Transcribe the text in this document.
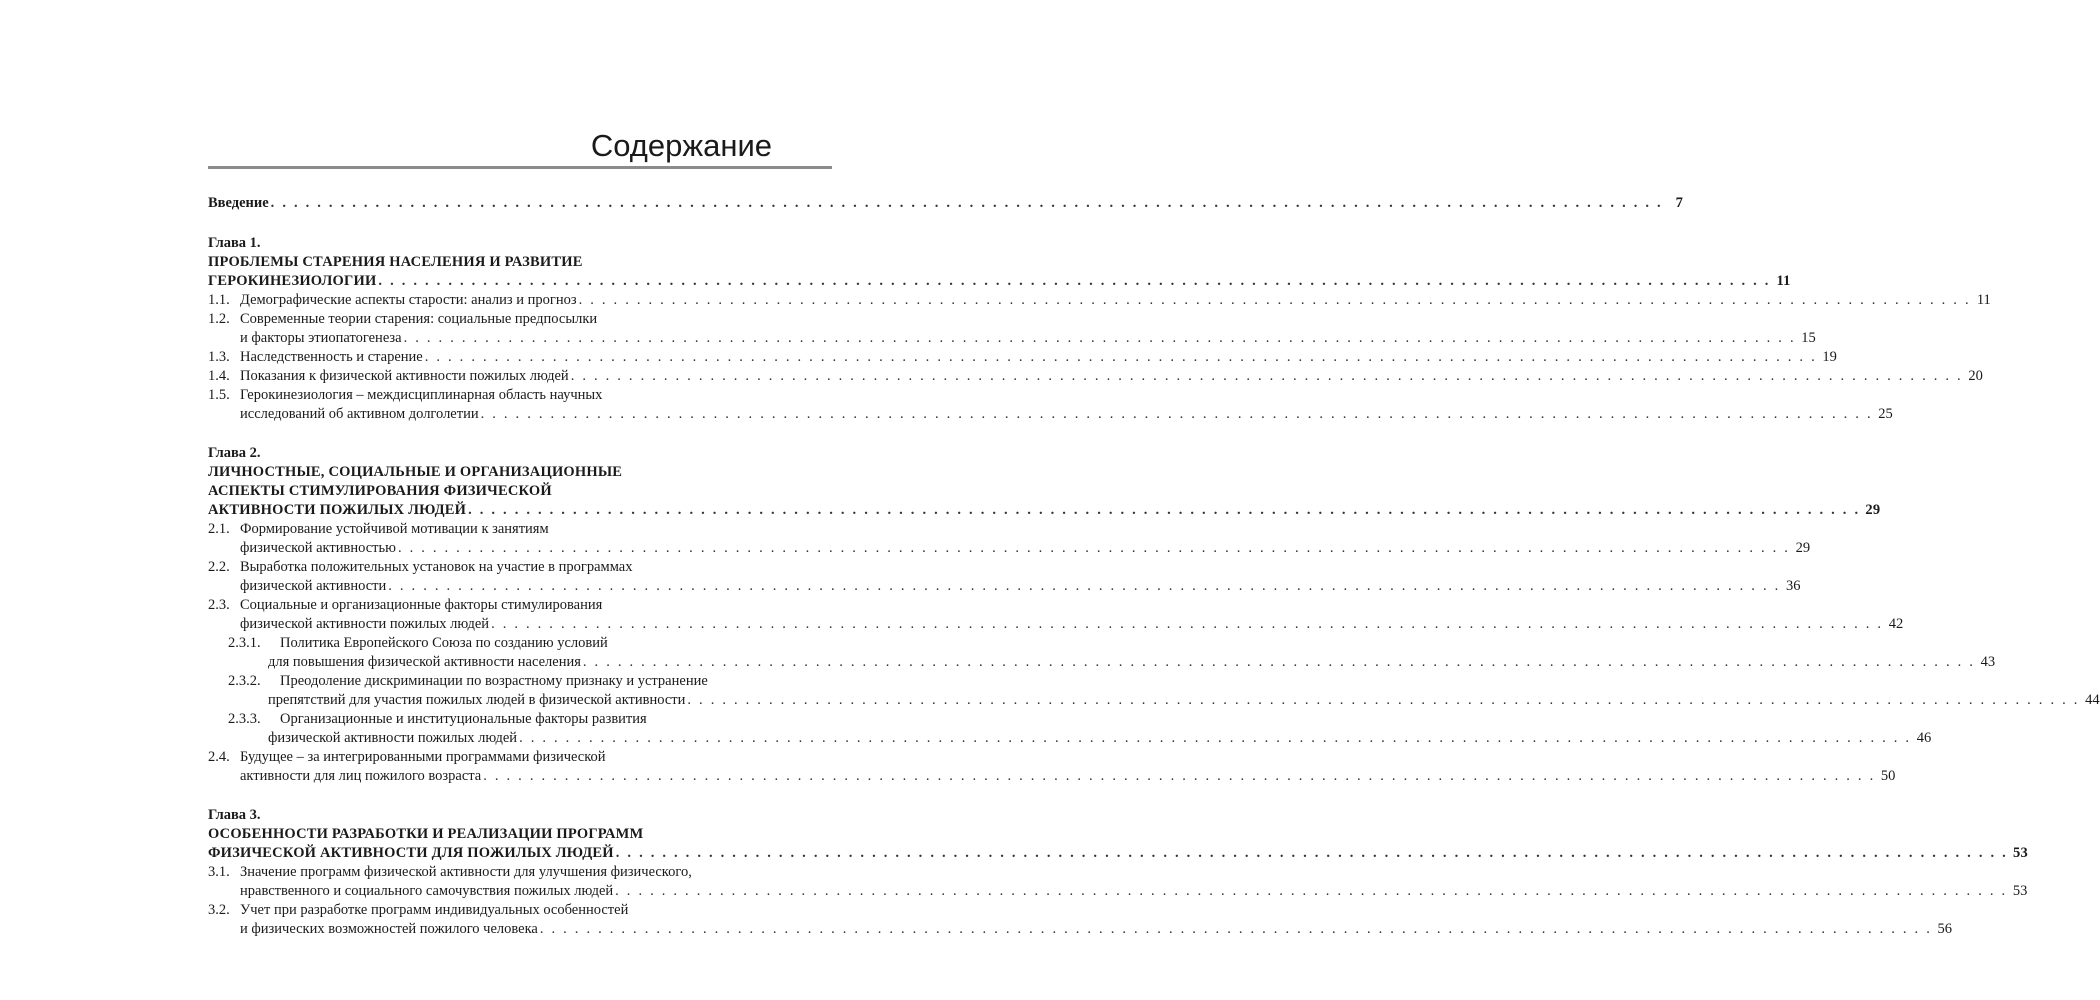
Содержание
Введение . . . . . . . . . . . . . . . . . . . . . . . . . . . . . . . . . . . . . . . . . . . . . . . . . . . . . . . . . . . . . . . . . . . . . . . . . . . . . . . . . . . . . . . . . . . . . . . . . . . . . . . . . . . . . . . . . . . . . . . . 7
Глава 1.
ПРОБЛЕМЫ СТАРЕНИЯ НАСЕЛЕНИЯ И РАЗВИТИЕ
ГЕРОКИНЕЗИОЛОГИИ . . . . . . . . . . . . . . . . . . . . . . . . . . . . . . . . . . . . . . . . . . . . . . . . . . . . . . . . . . . . . . . . . . . . . . . . . . . . . . . . . . . . . . . . . . . . . . . . . . . . . . . . . . . . . . . . . . . . . . . . 11
1.1. Демографические аспекты старости: анализ и прогноз . . . . . . . . . . . . . . . . . . . . . . . . . . . . . . . . . . . . . . . . . . . . . . . . . . . . . . . . . . . . . . . . . . . . . . . . . . . . . . . . . . . . . . . . . . . . . . . . . . . . . . . . . . . . . . . . . . . . . . . . 11
1.2. Современные теории старения: социальные предпосылки
и факторы этиопатогенеза . . . . . . . . . . . . . . . . . . . . . . . . . . . . . . . . . . . . . . . . . . . . . . . . . . . . . . . . . . . . . . . . . . . . . . . . . . . . . . . . . . . . . . . . . . . . . . . . . . . . . . . . . . . . . . . . . . . . . . . . 15
1.3. Наследственность и старение . . . . . . . . . . . . . . . . . . . . . . . . . . . . . . . . . . . . . . . . . . . . . . . . . . . . . . . . . . . . . . . . . . . . . . . . . . . . . . . . . . . . . . . . . . . . . . . . . . . . . . . . . . . . . . . . . . . . . . . . 19
1.4. Показания к физической активности пожилых людей . . . . . . . . . . . . . . . . . . . . . . . . . . . . . . . . . . . . . . . . . . . . . . . . . . . . . . . . . . . . . . . . . . . . . . . . . . . . . . . . . . . . . . . . . . . . . . . . . . . . . . . . . . . . . . . . . . . . . . . . 20
1.5. Герокинезиология – междисциплинарная область научных
исследований об активном долголетии . . . . . . . . . . . . . . . . . . . . . . . . . . . . . . . . . . . . . . . . . . . . . . . . . . . . . . . . . . . . . . . . . . . . . . . . . . . . . . . . . . . . . . . . . . . . . . . . . . . . . . . . . . . . . . . . . . . . . . . . 25
Глава 2.
ЛИЧНОСТНЫЕ, СОЦИАЛЬНЫЕ И ОРГАНИЗАЦИОННЫЕ
АСПЕКТЫ СТИМУЛИРОВАНИЯ ФИЗИЧЕСКОЙ
АКТИВНОСТИ ПОЖИЛЫХ ЛЮДЕЙ . . . . . . . . . . . . . . . . . . . . . . . . . . . . . . . . . . . . . . . . . . . . . . . . . . . . . . . . . . . . . . . . . . . . . . . . . . . . . . . . . . . . . . . . . . . . . . . . . . . . . . . . . . . . . . . . . . . . . . . . 29
2.1. Формирование устойчивой мотивации к занятиям
физической активностью . . . . . . . . . . . . . . . . . . . . . . . . . . . . . . . . . . . . . . . . . . . . . . . . . . . . . . . . . . . . . . . . . . . . . . . . . . . . . . . . . . . . . . . . . . . . . . . . . . . . . . . . . . . . . . . . . . . . . . . . 29
2.2. Выработка положительных установок на участие в программах
физической активности . . . . . . . . . . . . . . . . . . . . . . . . . . . . . . . . . . . . . . . . . . . . . . . . . . . . . . . . . . . . . . . . . . . . . . . . . . . . . . . . . . . . . . . . . . . . . . . . . . . . . . . . . . . . . . . . . . . . . . . . 36
2.3. Социальные и организационные факторы стимулирования
физической активности пожилых людей . . . . . . . . . . . . . . . . . . . . . . . . . . . . . . . . . . . . . . . . . . . . . . . . . . . . . . . . . . . . . . . . . . . . . . . . . . . . . . . . . . . . . . . . . . . . . . . . . . . . . . . . . . . . . . . . . . . . . . . . 42
2.3.1.	Политика Европейского Союза по созданию условий
для повышения физической активности населения . . . . . . . . . . . . . . . . . . . . . . . . . . . . . . . . . . . . . . . . . . . . . . . . . . . . . . . . . . . . . . . . . . . . . . . . . . . . . . . . . . . . . . . . . . . . . . . . . . . . . . . . . . . . . . . . . . . . . . . . 43
2.3.2.	Преодоление дискриминации по возрастному признаку и устранение
препятствий для участия пожилых людей в физической активности . . . . . . . . . . . . . . . . . . . . . . . . . . . . . . . . . . . . . . . . . . . . . . . . . . . . . . . . . . . . . . . . . . . . . . . . . . . . . . . . . . . . . . . . . . . . . . . . . . . . . . . . . . . . . . . . . . . . . . . . 44
2.3.3.	Организационные и институциональные факторы развития
физической активности пожилых людей . . . . . . . . . . . . . . . . . . . . . . . . . . . . . . . . . . . . . . . . . . . . . . . . . . . . . . . . . . . . . . . . . . . . . . . . . . . . . . . . . . . . . . . . . . . . . . . . . . . . . . . . . . . . . . . . . . . . . . . . 46
2.4. Будущее – за интегрированными программами физической
активности для лиц пожилого возраста . . . . . . . . . . . . . . . . . . . . . . . . . . . . . . . . . . . . . . . . . . . . . . . . . . . . . . . . . . . . . . . . . . . . . . . . . . . . . . . . . . . . . . . . . . . . . . . . . . . . . . . . . . . . . . . . . . . . . . . . 50
Глава 3.
ОСОБЕННОСТИ РАЗРАБОТКИ И РЕАЛИЗАЦИИ ПРОГРАММ
ФИЗИЧЕСКОЙ АКТИВНОСТИ ДЛЯ ПОЖИЛЫХ ЛЮДЕЙ . . . . . . . . . . . . . . . . . . . . . . . . . . . . . . . . . . . . . . . . . . . . . . . . . . . . . . . . . . . . . . . . . . . . . . . . . . . . . . . . . . . . . . . . . . . . . . . . . . . . . . . . . . . . . . . . . . . . . . . . 53
3.1. Значение программ физической активности для улучшения физического,
нравственного и социального самочувствия пожилых людей . . . . . . . . . . . . . . . . . . . . . . . . . . . . . . . . . . . . . . . . . . . . . . . . . . . . . . . . . . . . . . . . . . . . . . . . . . . . . . . . . . . . . . . . . . . . . . . . . . . . . . . . . . . . . . . . . . . . . . . . 53
3.2. Учет при разработке программ индивидуальных особенностей
и физических возможностей пожилого человека . . . . . . . . . . . . . . . . . . . . . . . . . . . . . . . . . . . . . . . . . . . . . . . . . . . . . . . . . . . . . . . . . . . . . . . . . . . . . . . . . . . . . . . . . . . . . . . . . . . . . . . . . . . . . . . . . . . . . . . . 56
